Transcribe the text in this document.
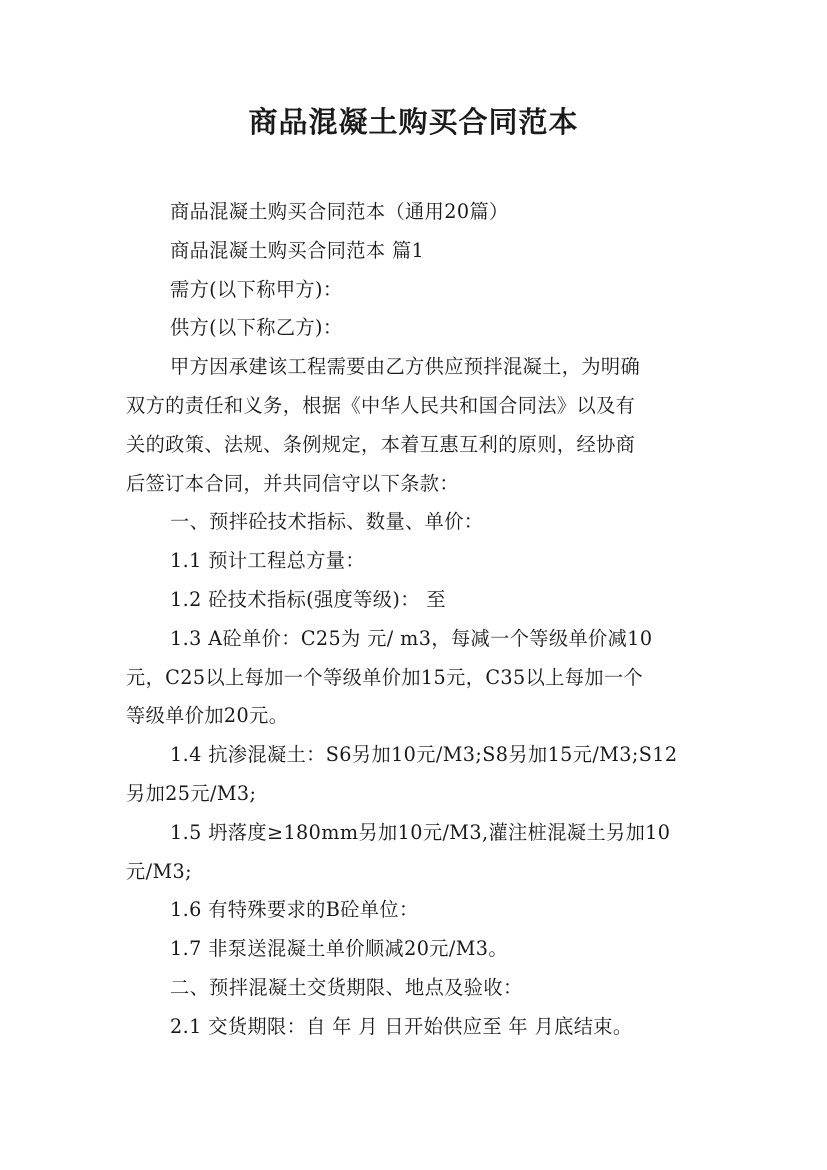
商品混凝土购买合同范本
商品混凝土购买合同范本（通用20篇）
商品混凝土购买合同范本 篇1
需方(以下称甲方)：
供方(以下称乙方)：
甲方因承建该工程需要由乙方供应预拌混凝土，为明确
双方的责任和义务，根据《中华人民共和国合同法》以及有
关的政策、法规、条例规定，本着互惠互利的原则，经协商
后签订本合同，并共同信守以下条款：
一、预拌砼技术指标、数量、单价：
1.1 预计工程总方量：
1.2 砼技术指标(强度等级)： 至
1.3 A砼单价：C25为 元/ m3，每减一个等级单价减10
元，C25以上每加一个等级单价加15元，C35以上每加一个
等级单价加20元。
1.4 抗渗混凝土：S6另加10元/M3;S8另加15元/M3;S12
另加25元/M3;
1.5 坍落度≥180mm另加10元/M3,灌注桩混凝土另加10
元/M3;
1.6 有特殊要求的B砼单位：
1.7 非泵送混凝土单价顺减20元/M3。
二、预拌混凝土交货期限、地点及验收：
2.1 交货期限：自 年 月 日开始供应至 年 月底结束。
